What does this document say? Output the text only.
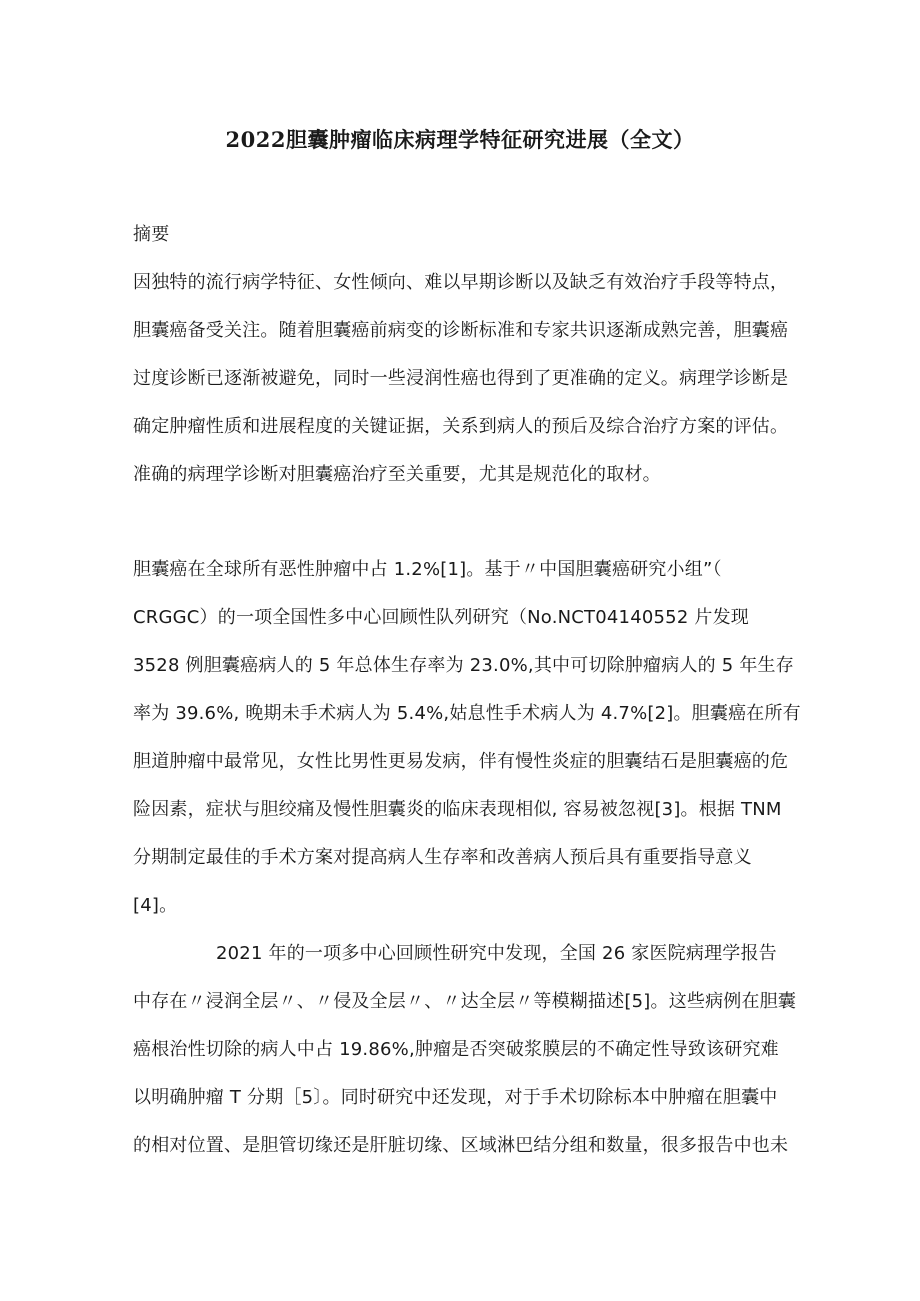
2022胆囊肿瘤临床病理学特征研究进展（全文）
摘要
因独特的流行病学特征、女性倾向、难以早期诊断以及缺乏有效治疗手段等特点，
胆囊癌备受关注。随着胆囊癌前病变的诊断标准和专家共识逐渐成熟完善，胆囊癌
过度诊断已逐渐被避免，同时一些浸润性癌也得到了更准确的定义。病理学诊断是
确定肿瘤性质和进展程度的关键证据，关系到病人的预后及综合治疗方案的评估。
准确的病理学诊断对胆囊癌治疗至关重要，尤其是规范化的取材。
胆囊癌在全球所有恶性肿瘤中占 1.2%[1]。基于〃中国胆囊癌研究小组”（
CRGGC）的一项全国性多中心回顾性队列研究（No.NCT04140552 片发现
3528 例胆囊癌病人的 5 年总体生存率为 23.0%,其中可切除肿瘤病人的 5 年生存
率为 39.6%, 晚期未手术病人为 5.4%,姑息性手术病人为 4.7%[2]。胆囊癌在所有
胆道肿瘤中最常见，女性比男性更易发病，伴有慢性炎症的胆囊结石是胆囊癌的危
险因素，症状与胆绞痛及慢性胆囊炎的临床表现相似, 容易被忽视[3]。根据 TNM
分期制定最佳的手术方案对提高病人生存率和改善病人预后具有重要指导意义
[4]。
2021 年的一项多中心回顾性研究中发现，全国 26 家医院病理学报告
中存在〃浸润全层〃、〃侵及全层〃、〃达全层〃等模糊描述[5]。这些病例在胆囊
癌根治性切除的病人中占 19.86%,肿瘤是否突破浆膜层的不确定性导致该研究难
以明确肿瘤 T 分期［5〕。同时研究中还发现，对于手术切除标本中肿瘤在胆囊中
的相对位置、是胆管切缘还是肝脏切缘、区域淋巴结分组和数量，很多报告中也未
